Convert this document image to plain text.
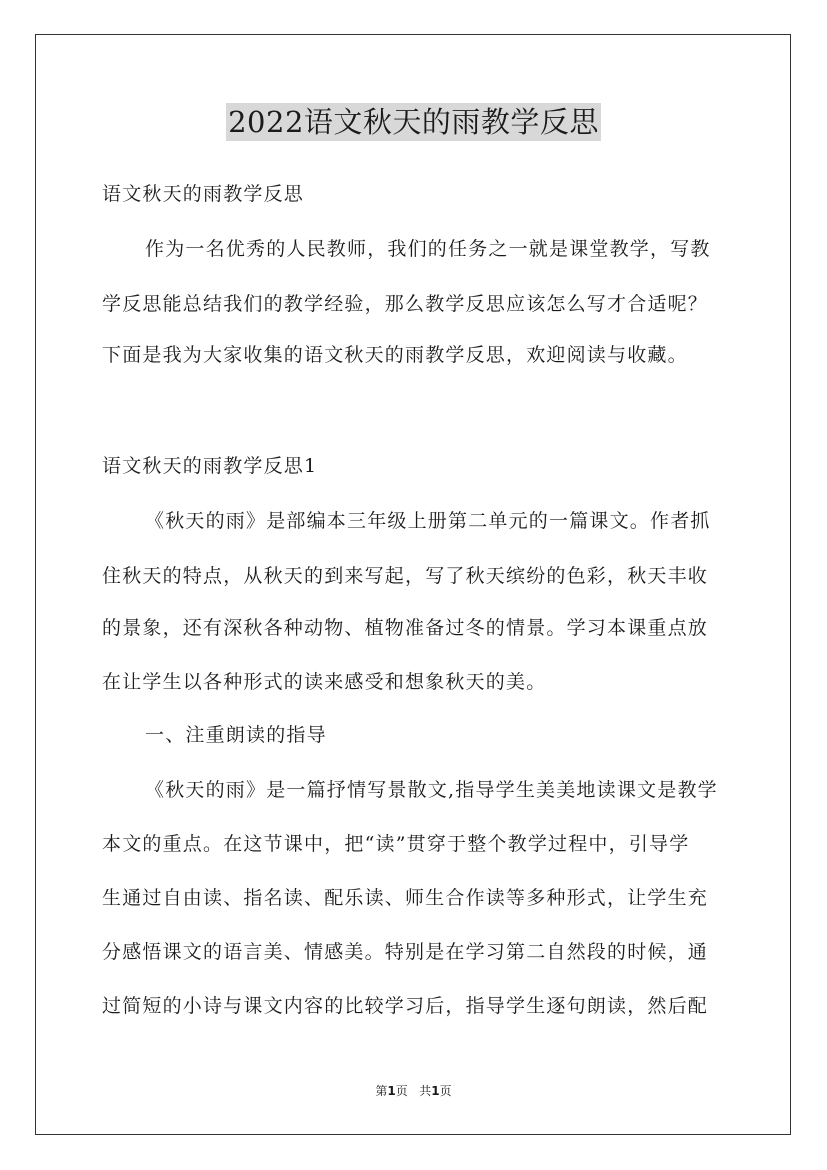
2022语文秋天的雨教学反思
语文秋天的雨教学反思
作为一名优秀的人民教师，我们的任务之一就是课堂教学，写教
学反思能总结我们的教学经验，那么教学反思应该怎么写才合适呢？
下面是我为大家收集的语文秋天的雨教学反思，欢迎阅读与收藏。
语文秋天的雨教学反思1
《秋天的雨》是部编本三年级上册第二单元的一篇课文。作者抓
住秋天的特点，从秋天的到来写起，写了秋天缤纷的色彩，秋天丰收
的景象，还有深秋各种动物、植物准备过冬的情景。学习本课重点放
在让学生以各种形式的读来感受和想象秋天的美。
一、注重朗读的指导
《秋天的雨》是一篇抒情写景散文,指导学生美美地读课文是教学
本文的重点。在这节课中，把“读”贯穿于整个教学过程中，引导学
生通过自由读、指名读、配乐读、师生合作读等多种形式，让学生充
分感悟课文的语言美、情感美。特别是在学习第二自然段的时候，通
过简短的小诗与课文内容的比较学习后，指导学生逐句朗读，然后配
第1页 共1页
